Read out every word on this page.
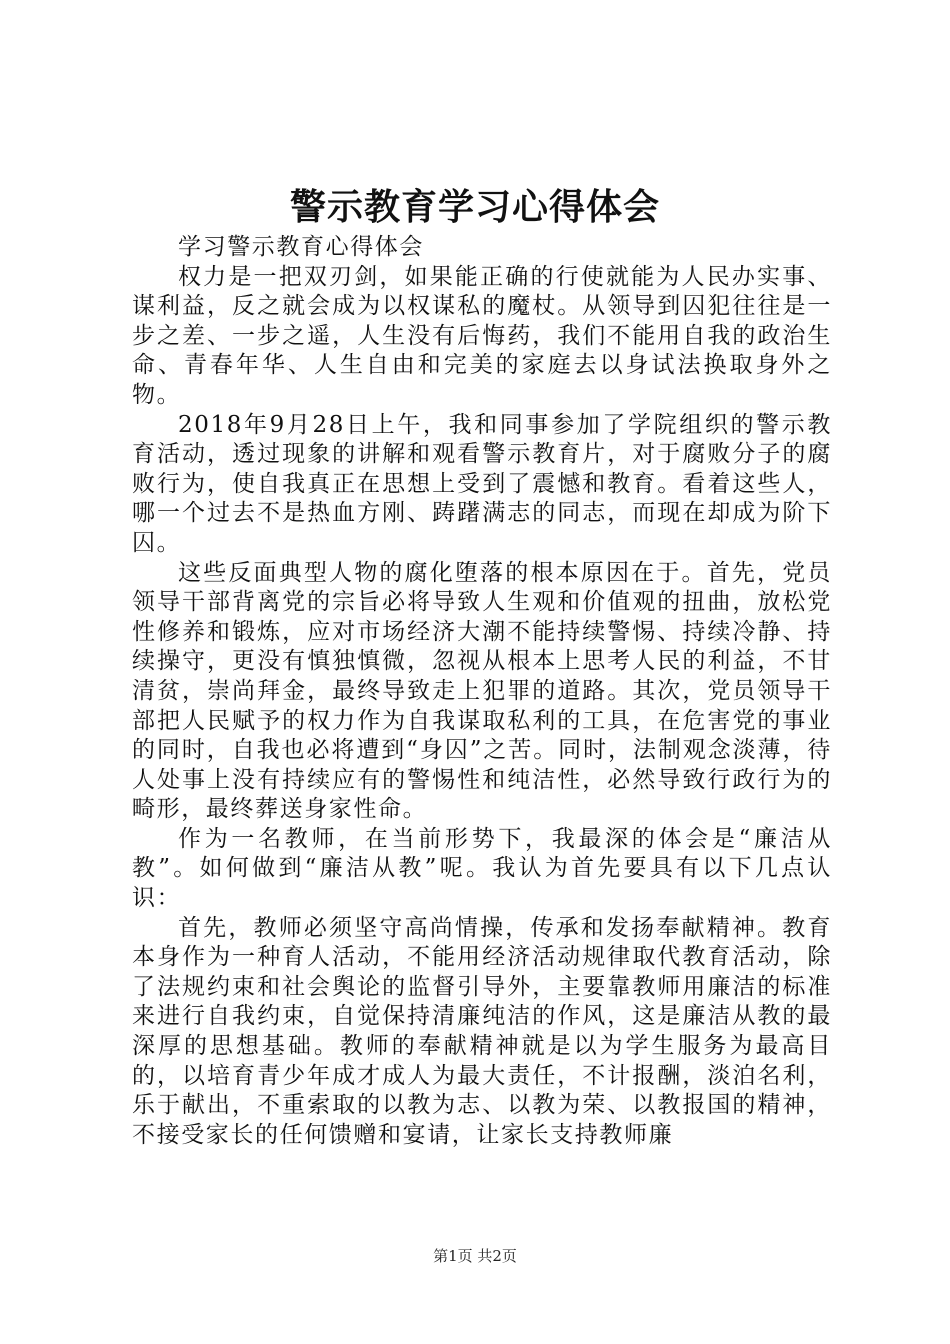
警示教育学习心得体会

学习警示教育心得体会

权力是一把双刃剑，如果能正确的行使就能为人民办实事、谋利益，反之就会成为以权谋私的魔杖。从领导到囚犯往往是一步之差、一步之遥，人生没有后悔药，我们不能用自我的政治生命、青春年华、人生自由和完美的家庭去以身试法换取身外之物。

2018年9月28日上午，我和同事参加了学院组织的警示教育活动，透过现象的讲解和观看警示教育片，对于腐败分子的腐败行为，使自我真正在思想上受到了震憾和教育。看着这些人，哪一个过去不是热血方刚、踌躇满志的同志，而现在却成为阶下囚。

这些反面典型人物的腐化堕落的根本原因在于。首先，党员领导干部背离党的宗旨必将导致人生观和价值观的扭曲，放松党性修养和锻炼，应对市场经济大潮不能持续警惕、持续冷静、持续操守，更没有慎独慎微，忽视从根本上思考人民的利益，不甘清贫，崇尚拜金，最终导致走上犯罪的道路。其次，党员领导干部把人民赋予的权力作为自我谋取私利的工具，在危害党的事业的同时，自我也必将遭到“身囚”之苦。同时，法制观念淡薄，待人处事上没有持续应有的警惕性和纯洁性，必然导致行政行为的畸形，最终葬送身家性命。

作为一名教师，在当前形势下，我最深的体会是“廉洁从教”。如何做到“廉洁从教”呢。我认为首先要具有以下几点认识：

首先，教师必须坚守高尚情操，传承和发扬奉献精神。教育本身作为一种育人活动，不能用经济活动规律取代教育活动，除了法规约束和社会舆论的监督引导外，主要靠教师用廉洁的标准来进行自我约束，自觉保持清廉纯洁的作风，这是廉洁从教的最深厚的思想基础。教师的奉献精神就是以为学生服务为最高目的，以培育青少年成才成人为最大责任，不计报酬，淡泊名利，乐于献出，不重索取的以教为志、以教为荣、以教报国的精神，不接受家长的任何馈赠和宴请，让家长支持教师廉

第1页 共2页
